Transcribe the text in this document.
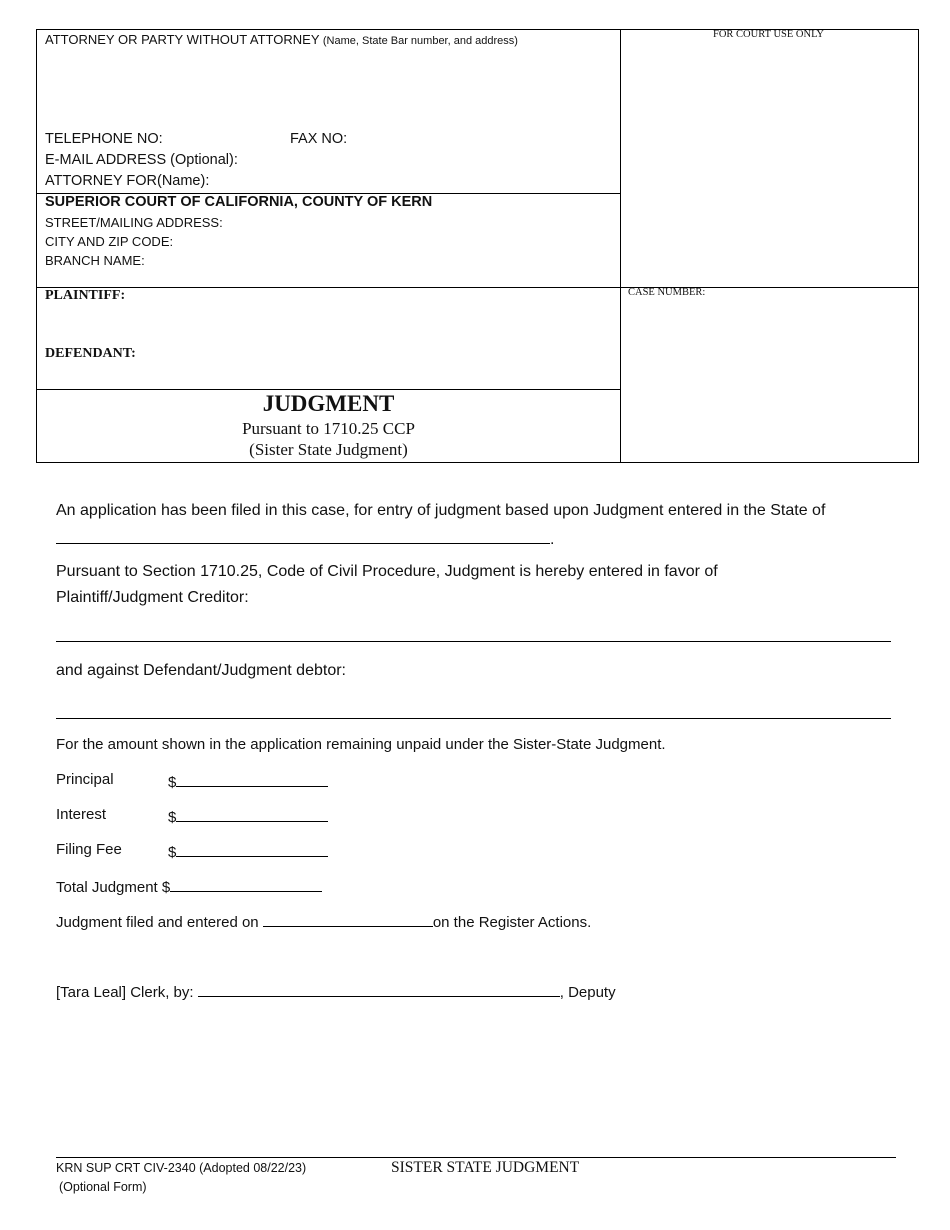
ATTORNEY OR PARTY WITHOUT ATTORNEY (Name, State Bar number, and address)
FOR COURT USE ONLY
TELEPHONE NO:	FAX NO:
E-MAIL ADDRESS (Optional):
ATTORNEY FOR(Name):
SUPERIOR COURT OF CALIFORNIA, COUNTY OF KERN
STREET/MAILING ADDRESS:
CITY AND ZIP CODE:
BRANCH NAME:
PLAINTIFF:
DEFENDANT:
CASE NUMBER:
JUDGMENT
Pursuant to 1710.25 CCP
(Sister State Judgment)
An application has been filed in this case, for entry of judgment based upon Judgment entered in the State of
.
Pursuant to Section 1710.25, Code of Civil Procedure, Judgment is hereby entered in favor of
Plaintiff/Judgment Creditor:
and against Defendant/Judgment debtor:
For the amount shown in the application remaining unpaid under the Sister-State Judgment.
Principal	$
Interest	$
Filing Fee	$
Total Judgment $
Judgment filed and entered on	on the Register Actions.
[Tara Leal] Clerk, by:	, Deputy
KRN SUP CRT CIV-2340 (Adopted 08/22/23)
(Optional Form)
SISTER STATE JUDGMENT
